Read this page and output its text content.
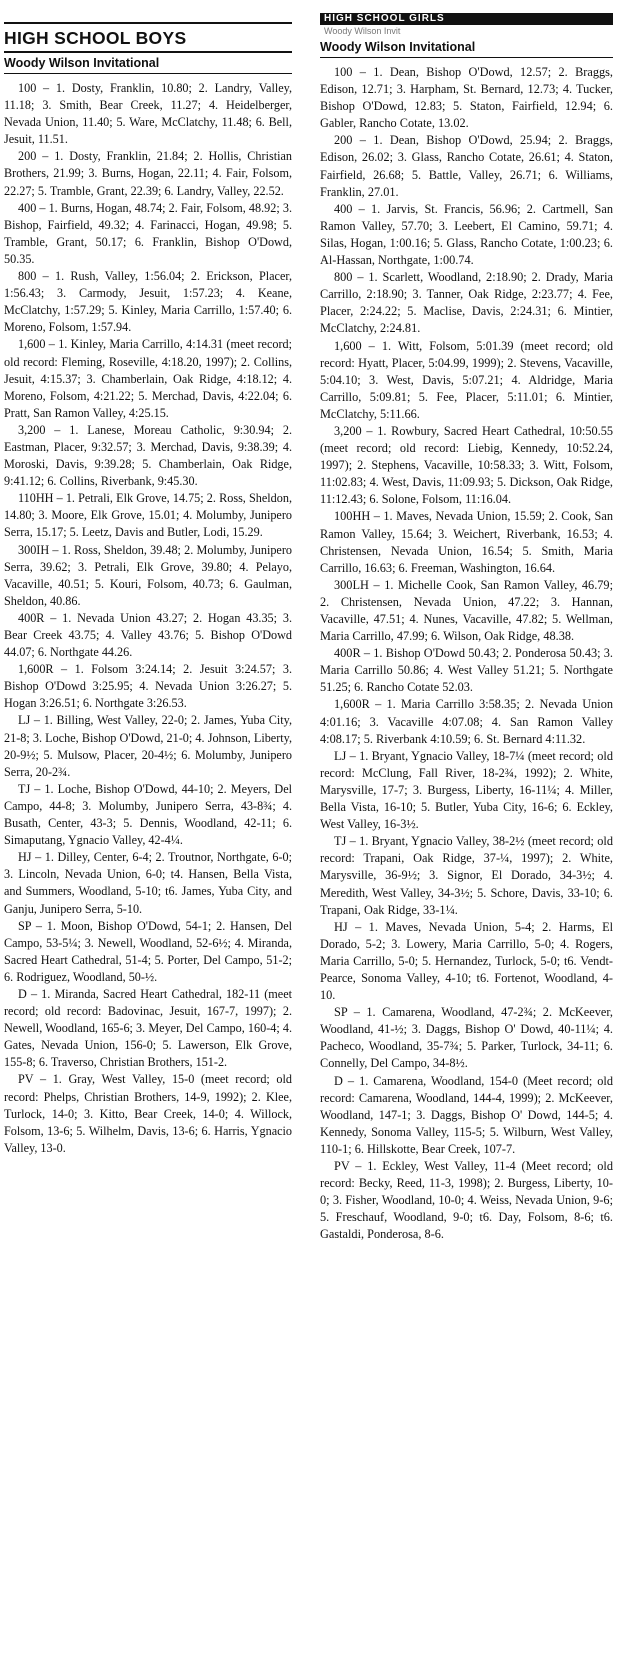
HIGH SCHOOL BOYS
Woody Wilson Invitational

100 – 1. Dosty, Franklin, 10.80; 2. Landry, Valley, 11.18; 3. Smith, Bear Creek, 11.27; 4. Heidelberger, Nevada Union, 11.40; 5. Ware, McClatchy, 11.48; 6. Bell, Jesuit, 11.51.

200 – 1. Dosty, Franklin, 21.84; 2. Hollis, Christian Brothers, 21.99; 3. Burns, Hogan, 22.11; 4. Fair, Folsom, 22.27; 5. Tramble, Grant, 22.39; 6. Landry, Valley, 22.52.

400 – 1. Burns, Hogan, 48.74; 2. Fair, Folsom, 48.92; 3. Bishop, Fairfield, 49.32; 4. Farinacci, Hogan, 49.98; 5. Tramble, Grant, 50.17; 6. Franklin, Bishop O'Dowd, 50.35.

800 – 1. Rush, Valley, 1:56.04; 2. Erickson, Placer, 1:56.43; 3. Carmody, Jesuit, 1:57.23; 4. Keane, McClatchy, 1:57.29; 5. Kinley, Maria Carrillo, 1:57.40; 6. Moreno, Folsom, 1:57.94.

1,600 – 1. Kinley, Maria Carrillo, 4:14.31 (meet record; old record: Fleming, Roseville, 4:18.20, 1997); 2. Collins, Jesuit, 4:15.37; 3. Chamberlain, Oak Ridge, 4:18.12; 4. Moreno, Folsom, 4:21.22; 5. Merchad, Davis, 4:22.04; 6. Pratt, San Ramon Valley, 4:25.15.

3,200 – 1. Lanese, Moreau Catholic, 9:30.94; 2. Eastman, Placer, 9:32.57; 3. Merchad, Davis, 9:38.39; 4. Moroski, Davis, 9:39.28; 5. Chamberlain, Oak Ridge, 9:41.12; 6. Collins, Riverbank, 9:45.30.

110HH – 1. Petrali, Elk Grove, 14.75; 2. Ross, Sheldon, 14.80; 3. Moore, Elk Grove, 15.01; 4. Molumby, Junipero Serra, 15.17; 5. Leetz, Davis and Butler, Lodi, 15.29.

300IH – 1. Ross, Sheldon, 39.48; 2. Molumby, Junipero Serra, 39.62; 3. Petrali, Elk Grove, 39.80; 4. Pelayo, Vacaville, 40.51; 5. Kouri, Folsom, 40.73; 6. Gaulman, Sheldon, 40.86.

400R – 1. Nevada Union 43.27; 2. Hogan 43.35; 3. Bear Creek 43.75; 4. Valley 43.76; 5. Bishop O'Dowd 44.07; 6. Northgate 44.26.

1,600R – 1. Folsom 3:24.14; 2. Jesuit 3:24.57; 3. Bishop O'Dowd 3:25.95; 4. Nevada Union 3:26.27; 5. Hogan 3:26.51; 6. Northgate 3:26.53.

LJ – 1. Billing, West Valley, 22-0; 2. James, Yuba City, 21-8; 3. Loche, Bishop O'Dowd, 21-0; 4. Johnson, Liberty, 20-9½; 5. Mulsow, Placer, 20-4½; 6. Molumby, Junipero Serra, 20-2¾.

TJ – 1. Loche, Bishop O'Dowd, 44-10; 2. Meyers, Del Campo, 44-8; 3. Molumby, Junipero Serra, 43-8¾; 4. Busath, Center, 43-3; 5. Dennis, Woodland, 42-11; 6. Simaputang, Ygnacio Valley, 42-4¼.

HJ – 1. Dilley, Center, 6-4; 2. Troutnor, Northgate, 6-0; 3. Lincoln, Nevada Union, 6-0; t4. Hansen, Bella Vista, and Summers, Woodland, 5-10; t6. James, Yuba City, and Ganju, Junipero Serra, 5-10.

SP – 1. Moon, Bishop O'Dowd, 54-1; 2. Hansen, Del Campo, 53-5¼; 3. Newell, Woodland, 52-6½; 4. Miranda, Sacred Heart Cathedral, 51-4; 5. Porter, Del Campo, 51-2; 6. Rodriguez, Woodland, 50-½.

D – 1. Miranda, Sacred Heart Cathedral, 182-11 (meet record; old record: Badovinac, Jesuit, 167-7, 1997); 2. Newell, Woodland, 165-6; 3. Meyer, Del Campo, 160-4; 4. Gates, Nevada Union, 156-0; 5. Lawerson, Elk Grove, 155-8; 6. Traverso, Christian Brothers, 151-2.

PV – 1. Gray, West Valley, 15-0 (meet record; old record: Phelps, Christian Brothers, 14-9, 1992); 2. Klee, Turlock, 14-0; 3. Kitto, Bear Creek, 14-0; 4. Willock, Folsom, 13-6; 5. Wilhelm, Davis, 13-6; 6. Harris, Ygnacio Valley, 13-0.

HIGH SCHOOL GIRLS
Woody Wilson Invit
Woody Wilson Invitational

100 – 1. Dean, Bishop O'Dowd, 12.57; 2. Braggs, Edison, 12.71; 3. Harpham, St. Bernard, 12.73; 4. Tucker, Bishop O'Dowd, 12.83; 5. Staton, Fairfield, 12.94; 6. Gabler, Rancho Cotate, 13.02.

200 – 1. Dean, Bishop O'Dowd, 25.94; 2. Braggs, Edison, 26.02; 3. Glass, Rancho Cotate, 26.61; 4. Staton, Fairfield, 26.68; 5. Battle, Valley, 26.71; 6. Williams, Franklin, 27.01.

400 – 1. Jarvis, St. Francis, 56.96; 2. Cartmell, San Ramon Valley, 57.70; 3. Leebert, El Camino, 59.71; 4. Silas, Hogan, 1:00.16; 5. Glass, Rancho Cotate, 1:00.23; 6. Al-Hassan, Northgate, 1:00.74.

800 – 1. Scarlett, Woodland, 2:18.90; 2. Drady, Maria Carrillo, 2:18.90; 3. Tanner, Oak Ridge, 2:23.77; 4. Fee, Placer, 2:24.22; 5. Maclise, Davis, 2:24.31; 6. Mintier, McClatchy, 2:24.81.

1,600 – 1. Witt, Folsom, 5:01.39 (meet record; old record: Hyatt, Placer, 5:04.99, 1999); 2. Stevens, Vacaville, 5:04.10; 3. West, Davis, 5:07.21; 4. Aldridge, Maria Carrillo, 5:09.81; 5. Fee, Placer, 5:11.01; 6. Mintier, McClatchy, 5:11.66.

3,200 – 1. Rowbury, Sacred Heart Cathedral, 10:50.55 (meet record; old record: Liebig, Kennedy, 10:52.24, 1997); 2. Stephens, Vacaville, 10:58.33; 3. Witt, Folsom, 11:02.83; 4. West, Davis, 11:09.93; 5. Dickson, Oak Ridge, 11:12.43; 6. Solone, Folsom, 11:16.04.

100HH – 1. Maves, Nevada Union, 15.59; 2. Cook, San Ramon Valley, 15.64; 3. Weichert, Riverbank, 16.53; 4. Christensen, Nevada Union, 16.54; 5. Smith, Maria Carrillo, 16.63; 6. Freeman, Washington, 16.64.

300LH – 1. Michelle Cook, San Ramon Valley, 46.79; 2. Christensen, Nevada Union, 47.22; 3. Hannan, Vacaville, 47.51; 4. Nunes, Vacaville, 47.82; 5. Wellman, Maria Carrillo, 47.99; 6. Wilson, Oak Ridge, 48.38.

400R – 1. Bishop O'Dowd 50.43; 2. Ponderosa 50.43; 3. Maria Carrillo 50.86; 4. West Valley 51.21; 5. Northgate 51.25; 6. Rancho Cotate 52.03.

1,600R – 1. Maria Carrillo 3:58.35; 2. Nevada Union 4:01.16; 3. Vacaville 4:07.08; 4. San Ramon Valley 4:08.17; 5. Riverbank 4:10.59; 6. St. Bernard 4:11.32.

LJ – 1. Bryant, Ygnacio Valley, 18-7¼ (meet record; old record: McClung, Fall River, 18-2¾, 1992); 2. White, Marysville, 17-7; 3. Burgess, Liberty, 16-11¼; 4. Miller, Bella Vista, 16-10; 5. Butler, Yuba City, 16-6; 6. Eckley, West Valley, 16-3½.

TJ – 1. Bryant, Ygnacio Valley, 38-2½ (meet record; old record: Trapani, Oak Ridge, 37-¼, 1997); 2. White, Marysville, 36-9½; 3. Signor, El Dorado, 34-3½; 4. Meredith, West Valley, 34-3½; 5. Schore, Davis, 33-10; 6. Trapani, Oak Ridge, 33-1¼.

HJ – 1. Maves, Nevada Union, 5-4; 2. Harms, El Dorado, 5-2; 3. Lowery, Maria Carrillo, 5-0; 4. Rogers, Maria Carrillo, 5-0; 5. Hernandez, Turlock, 5-0; t6. Vendt-Pearce, Sonoma Valley, 4-10; t6. Fortenot, Woodland, 4-10.

SP – 1. Camarena, Woodland, 47-2¾; 2. McKeever, Woodland, 41-½; 3. Daggs, Bishop O' Dowd, 40-11¼; 4. Pacheco, Woodland, 35-7¾; 5. Parker, Turlock, 34-11; 6. Connelly, Del Campo, 34-8½.

D – 1. Camarena, Woodland, 154-0 (Meet record; old record: Camarena, Woodland, 144-4, 1999); 2. McKeever, Woodland, 147-1; 3. Daggs, Bishop O' Dowd, 144-5; 4. Kennedy, Sonoma Valley, 115-5; 5. Wilburn, West Valley, 110-1; 6. Hillskotte, Bear Creek, 107-7.

PV – 1. Eckley, West Valley, 11-4 (Meet record; old record: Becky, Reed, 11-3, 1998); 2. Burgess, Liberty, 10-0; 3. Fisher, Woodland, 10-0; 4. Weiss, Nevada Union, 9-6; 5. Freschauf, Woodland, 9-0; t6. Day, Folsom, 8-6; t6. Gastaldi, Ponderosa, 8-6.
